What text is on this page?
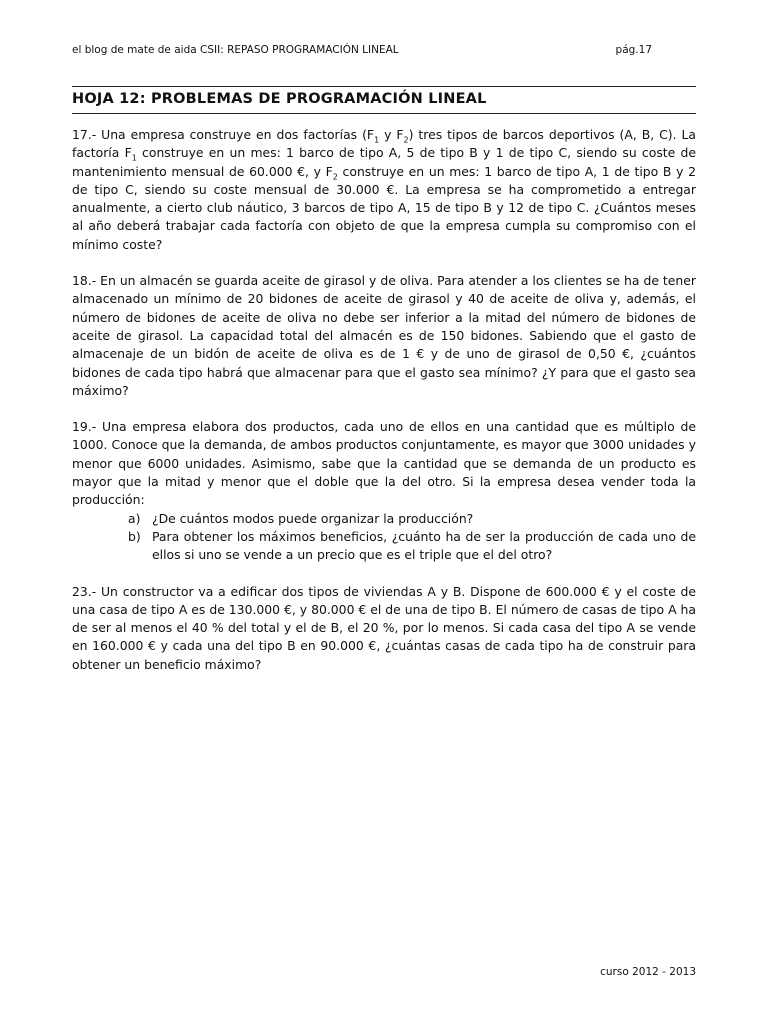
el blog de mate de aida CSII: REPASO PROGRAMACIÓN LINEAL	pág.17
HOJA 12: PROBLEMAS DE PROGRAMACIÓN LINEAL

17.- Una empresa construye en dos factorías ($F_1$ y $F_2$) tres tipos de barcos deportivos (A, B, C). La factoría $F_1$ construye en un mes: 1 barco de tipo A, 5 de tipo B y 1 de tipo C, siendo su coste de mantenimiento mensual de 60.000 €, y $F_2$ construye en un mes: 1 barco de tipo A, 1 de tipo B y 2 de tipo C, siendo su coste mensual de 30.000 €. La empresa se ha comprometido a entregar anualmente, a cierto club náutico, 3 barcos de tipo A, 15 de tipo B y 12 de tipo C. ¿Cuántos meses al año deberá trabajar cada factoría con objeto de que la empresa cumpla su compromiso con el mínimo coste?

18.- En un almacén se guarda aceite de girasol y de oliva. Para atender a los clientes se ha de tener almacenado un mínimo de 20 bidones de aceite de girasol y 40 de aceite de oliva y, además, el número de bidones de aceite de oliva no debe ser inferior a la mitad del número de bidones de aceite de girasol. La capacidad total del almacén es de 150 bidones. Sabiendo que el gasto de almacenaje de un bidón de aceite de oliva es de 1 € y de uno de girasol de 0,50 €, ¿cuántos bidones de cada tipo habrá que almacenar para que el gasto sea mínimo? ¿Y para que el gasto sea máximo?

19.- Una empresa elabora dos productos, cada uno de ellos en una cantidad que es múltiplo de 1000. Conoce que la demanda, de ambos productos conjuntamente, es mayor que 3000 unidades y menor que 6000 unidades. Asimismo, sabe que la cantidad que se demanda de un producto es mayor que la mitad y menor que el doble que la del otro. Si la empresa desea vender toda la producción:

a) ¿De cuántos modos puede organizar la producción?
b) Para obtener los máximos beneficios, ¿cuánto ha de ser la producción de cada uno de ellos si uno se vende a un precio que es el triple que el del otro?

23.- Un constructor va a edificar dos tipos de viviendas A y B. Dispone de 600.000 € y el coste de una casa de tipo A es de 130.000 €, y 80.000 € el de una de tipo B. El número de casas de tipo A ha de ser al menos el 40 % del total y el de B, el 20 %, por lo menos. Si cada casa del tipo A se vende en 160.000 € y cada una del tipo B en 90.000 €, ¿cuántas casas de cada tipo ha de construir para obtener un beneficio máximo?

curso 2012 - 2013
